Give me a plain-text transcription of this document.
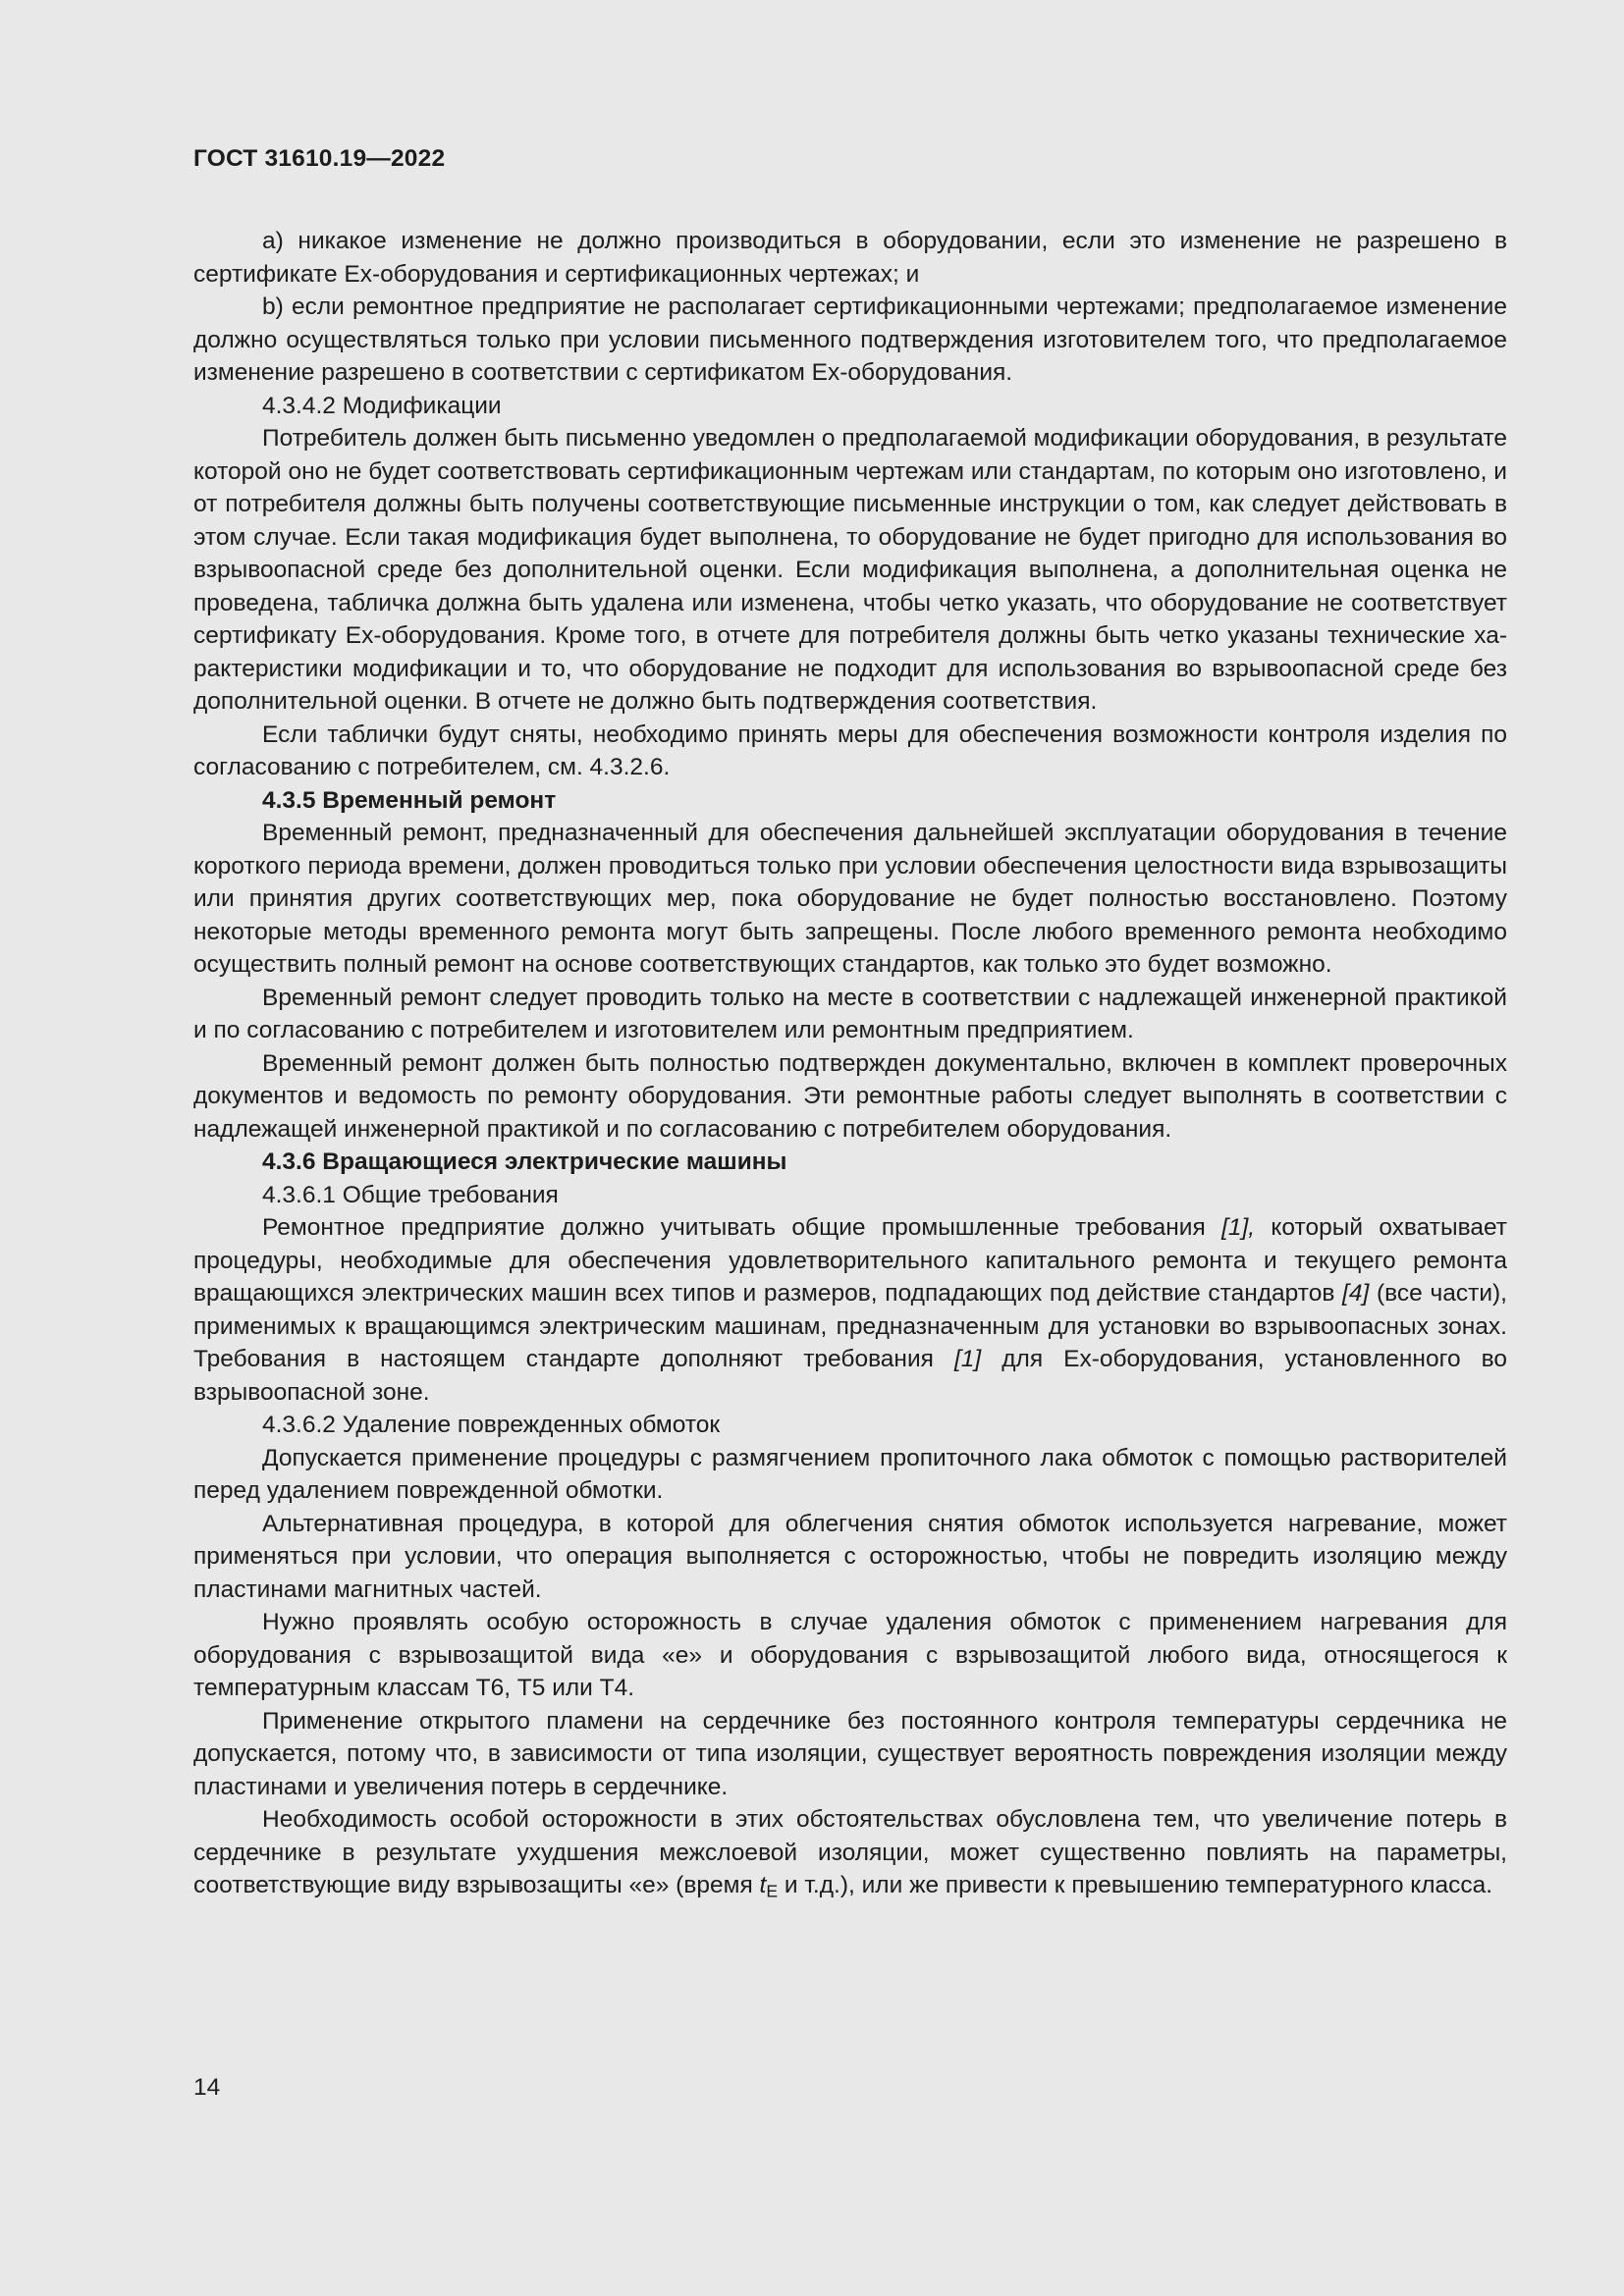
ГОСТ 31610.19—2022

a) никакое изменение не должно производиться в оборудовании, если это изменение не разрешено в сертификате Ex-оборудования и сертификационных чертежах; и

b) если ремонтное предприятие не располагает сертификационными чертежами; предполагаемое изменение должно осуществляться только при условии письменного подтверждения изготовителем того, что предполагаемое изменение разрешено в соответствии с сертификатом Ex-оборудования.

4.3.4.2 Модификации

Потребитель должен быть письменно уведомлен о предполагаемой модификации оборудования, в результате которой оно не будет соответствовать сертификационным чертежам или стандартам, по которым оно изготовлено, и от потребителя должны быть получены соответствующие письменные инструкции о том, как следует действовать в этом случае. Если такая модификация будет выполнена, то оборудование не будет пригодно для использования во взрывоопасной среде без дополнительной оценки. Если модификация выполнена, а дополнительная оценка не проведена, табличка должна быть удалена или изменена, чтобы четко указать, что оборудование не соответствует сертификату Ex-оборудования. Кроме того, в отчете для потребителя должны быть четко указаны технические характеристики модификации и то, что оборудование не подходит для использования во взрывоопасной среде без дополнительной оценки. В отчете не должно быть подтверждения соответствия.

Если таблички будут сняты, необходимо принять меры для обеспечения возможности контроля изделия по согласованию с потребителем, см. 4.3.2.6.

4.3.5 Временный ремонт

Временный ремонт, предназначенный для обеспечения дальнейшей эксплуатации оборудования в течение короткого периода времени, должен проводиться только при условии обеспечения целостности вида взрывозащиты или принятия других соответствующих мер, пока оборудование не будет полностью восстановлено. Поэтому некоторые методы временного ремонта могут быть запрещены. После любого временного ремонта необходимо осуществить полный ремонт на основе соответствующих стандартов, как только это будет возможно.

Временный ремонт следует проводить только на месте в соответствии с надлежащей инженерной практикой и по согласованию с потребителем и изготовителем или ремонтным предприятием.

Временный ремонт должен быть полностью подтвержден документально, включен в комплект проверочных документов и ведомость по ремонту оборудования. Эти ремонтные работы следует выполнять в соответствии с надлежащей инженерной практикой и по согласованию с потребителем оборудования.

4.3.6 Вращающиеся электрические машины

4.3.6.1 Общие требования

Ремонтное предприятие должно учитывать общие промышленные требования [1], который охватывает процедуры, необходимые для обеспечения удовлетворительного капитального ремонта и текущего ремонта вращающихся электрических машин всех типов и размеров, подпадающих под действие стандартов [4] (все части), применимых к вращающимся электрическим машинам, предназначенным для установки во взрывоопасных зонах. Требования в настоящем стандарте дополняют требования [1] для Ex-оборудования, установленного во взрывоопасной зоне.

4.3.6.2 Удаление поврежденных обмоток

Допускается применение процедуры с размягчением пропиточного лака обмоток с помощью растворителей перед удалением поврежденной обмотки.

Альтернативная процедура, в которой для облегчения снятия обмоток используется нагревание, может применяться при условии, что операция выполняется с осторожностью, чтобы не повредить изоляцию между пластинами магнитных частей.

Нужно проявлять особую осторожность в случае удаления обмоток с применением нагревания для оборудования с взрывозащитой вида «е» и оборудования с взрывозащитой любого вида, относящегося к температурным классам Т6, Т5 или Т4.

Применение открытого пламени на сердечнике без постоянного контроля температуры сердечника не допускается, потому что, в зависимости от типа изоляции, существует вероятность повреждения изоляции между пластинами и увеличения потерь в сердечнике.

Необходимость особой осторожности в этих обстоятельствах обусловлена тем, что увеличение потерь в сердечнике в результате ухудшения межслоевой изоляции, может существенно повлиять на параметры, соответствующие виду взрывозащиты «е» (время $t_E$ и т.д.), или же привести к превышению температурного класса.

14
